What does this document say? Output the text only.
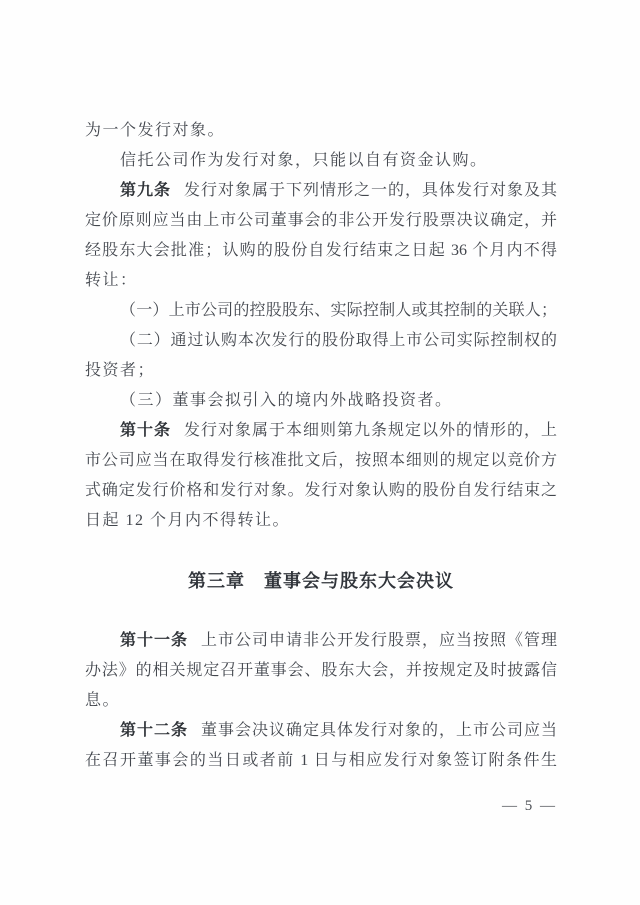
为一个发行对象。
信托公司作为发行对象，只能以自有资金认购。
第九条 发行对象属于下列情形之一的，具体发行对象及其
定价原则应当由上市公司董事会的非公开发行股票决议确定，并
经股东大会批准；认购的股份自发行结束之日起 36 个月内不得
转让：
（一）上市公司的控股股东、实际控制人或其控制的关联人；
（二）通过认购本次发行的股份取得上市公司实际控制权的
投资者；
（三）董事会拟引入的境内外战略投资者。
第十条 发行对象属于本细则第九条规定以外的情形的，上
市公司应当在取得发行核准批文后，按照本细则的规定以竞价方
式确定发行价格和发行对象。发行对象认购的股份自发行结束之
日起 12 个月内不得转让。
第三章　董事会与股东大会决议
第十一条 上市公司申请非公开发行股票，应当按照《管理
办法》的相关规定召开董事会、股东大会，并按规定及时披露信
息。
第十二条 董事会决议确定具体发行对象的，上市公司应当
在召开董事会的当日或者前 1 日与相应发行对象签订附条件生
— 5 —
